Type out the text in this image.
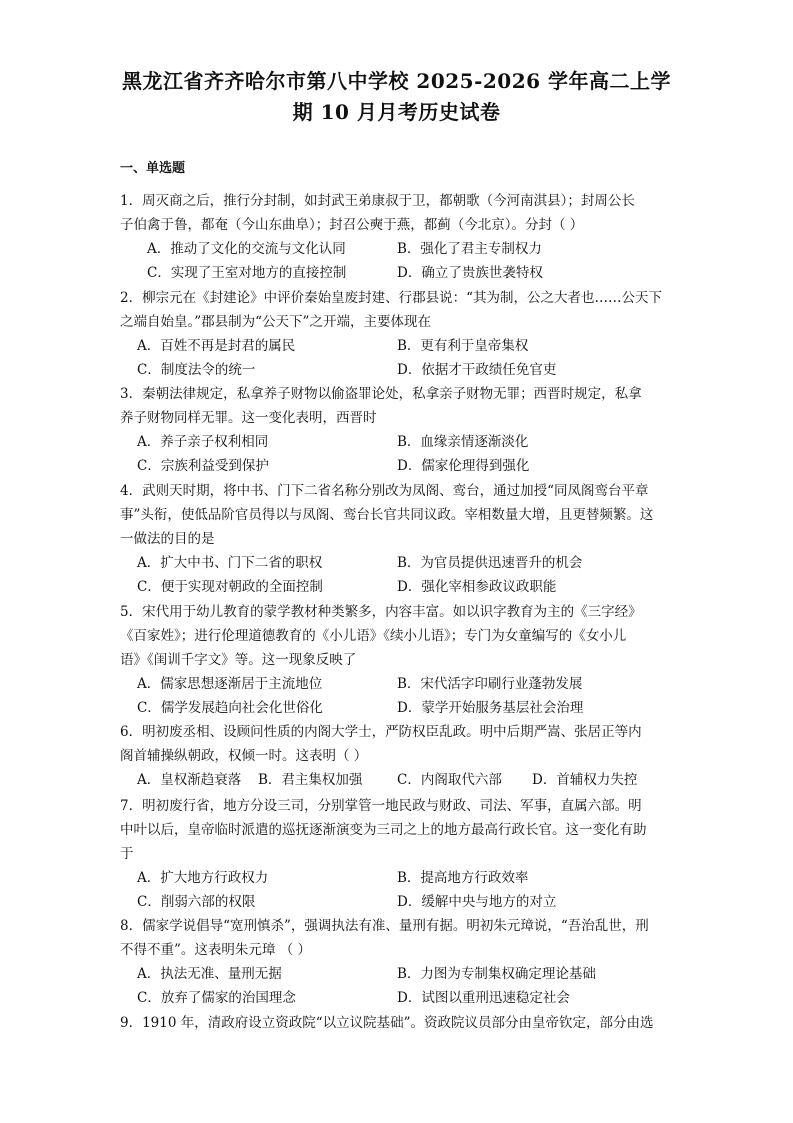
黑龙江省齐齐哈尔市第八中学校 2025-2026 学年高二上学
期 10 月月考历史试卷
一、单选题
1．周灭商之后，推行分封制，如封武王弟康叔于卫，都朝歌（今河南淇县）；封周公长
子伯禽于鲁，都奄（今山东曲阜）；封召公奭于燕，都蓟（今北京）。分封（ ）
A．推动了文化的交流与文化认同	B．强化了君主专制权力
C．实现了王室对地方的直接控制	D．确立了贵族世袭特权
2．柳宗元在《封建论》中评价秦始皇废封建、行郡县说：“其为制，公之大者也……公天下
之端自始皇。”郡县制为“公天下”之开端，主要体现在
A．百姓不再是封君的属民	B．更有利于皇帝集权
C．制度法令的统一	D．依据才干政绩任免官吏
3．秦朝法律规定，私拿养子财物以偷盗罪论处，私拿亲子财物无罪；西晋时规定，私拿
养子财物同样无罪。这一变化表明，西晋时
A．养子亲子权利相同	B．血缘亲情逐渐淡化
C．宗族利益受到保护	D．儒家伦理得到强化
4．武则天时期，将中书、门下二省名称分别改为凤阁、鸾台，通过加授“同凤阁鸾台平章
事”头衔，使低品阶官员得以与凤阁、鸾台长官共同议政。宰相数量大增，且更替频繁。这
一做法的目的是
A．扩大中书、门下二省的职权	B．为官员提供迅速晋升的机会
C．便于实现对朝政的全面控制	D．强化宰相参政议政职能
5．宋代用于幼儿教育的蒙学教材种类繁多，内容丰富。如以识字教育为主的《三字经》
《百家姓》；进行伦理道德教育的《小儿语》《续小儿语》；专门为女童编写的《女小儿
语》《闺训千字文》等。这一现象反映了
A．儒家思想逐渐居于主流地位	B．宋代活字印刷行业蓬勃发展
C．儒学发展趋向社会化世俗化	D．蒙学开始服务基层社会治理
6．明初废丞相、设顾问性质的内阁大学士，严防权臣乱政。明中后期严嵩、张居正等内
阁首辅操纵朝政，权倾一时。这表明（ ）
A．皇权渐趋衰落 B．君主集权加强	C．内阁取代六部 D．首辅权力失控
7．明初废行省，地方分设三司，分别掌管一地民政与财政、司法、军事，直属六部。明
中叶以后，皇帝临时派遣的巡抚逐渐演变为三司之上的地方最高行政长官。这一变化有助
于
A．扩大地方行政权力	B．提高地方行政效率
C．削弱六部的权限	D．缓解中央与地方的对立
8．儒家学说倡导“宽刑慎杀”，强调执法有准、量刑有据。明初朱元璋说，“吾治乱世，刑
不得不重”。这表明朱元璋 （ ）
A．执法无准、量刑无据	B．力图为专制集权确定理论基础
C．放弃了儒家的治国理念	D．试图以重刑迅速稳定社会
9．1910 年，清政府设立资政院“以立议院基础”。资政院议员部分由皇帝钦定，部分由选
